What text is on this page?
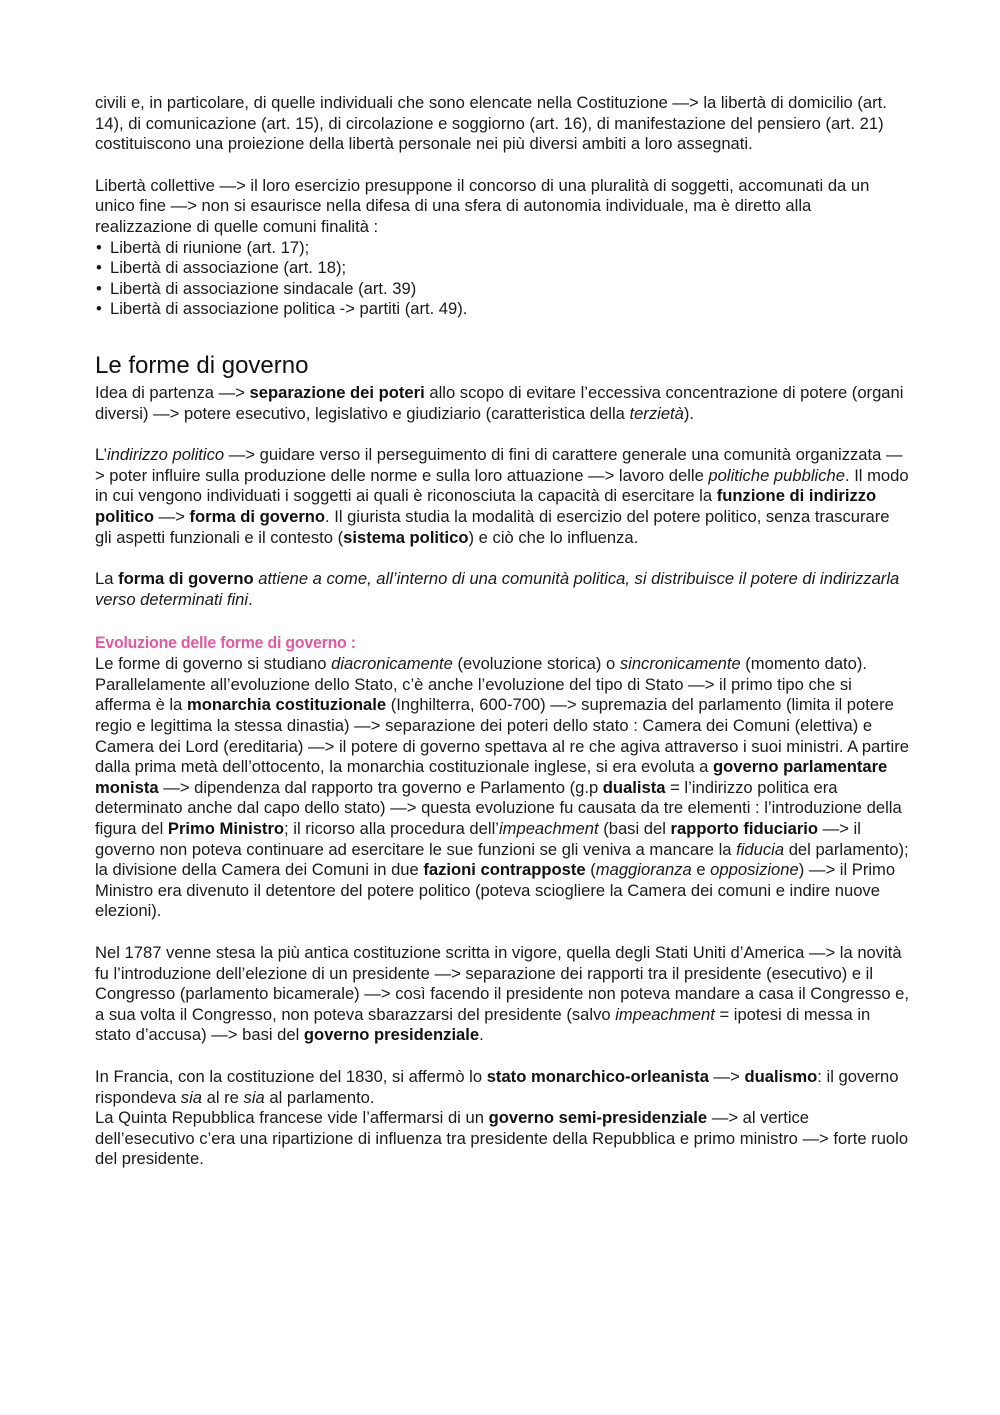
civili e, in particolare, di quelle individuali che sono elencate nella Costituzione —> la libertà di domicilio (art. 14), di comunicazione (art. 15), di circolazione e soggiorno (art. 16), di manifestazione del pensiero (art. 21) costituiscono una proiezione della libertà personale nei più diversi ambiti a loro assegnati.

Libertà collettive —> il loro esercizio presuppone il concorso di una pluralità di soggetti, accomunati da un unico fine —> non si esaurisce nella difesa di una sfera di autonomia individuale, ma è diretto alla realizzazione di quelle comuni finalità :

• Libertà di riunione (art. 17);
• Libertà di associazione (art. 18);
• Libertà di associazione sindacale (art. 39)
• Libertà di associazione politica -> partiti (art. 49).
Le forme di governo

Idea di partenza —> separazione dei poteri allo scopo di evitare l’eccessiva concentrazione di potere (organi diversi) —> potere esecutivo, legislativo e giudiziario (caratteristica della terzietà).

L’indirizzo politico —> guidare verso il perseguimento di fini di carattere generale una comunità organizzata —> poter influire sulla produzione delle norme e sulla loro attuazione —> lavoro delle politiche pubbliche. Il modo in cui vengono individuati i soggetti ai quali è riconosciuta la capacità di esercitare la funzione di indirizzo politico —> forma di governo. Il giurista studia la modalità di esercizio del potere politico, senza trascurare gli aspetti funzionali e il contesto (sistema politico) e ciò che lo influenza.

La forma di governo attiene a come, all’interno di una comunità politica, si distribuisce il potere di indirizzarla verso determinati fini.

Evoluzione delle forme di governo :

Le forme di governo si studiano diacronicamente (evoluzione storica) o sincronicamente (momento dato).

Parallelamente all’evoluzione dello Stato, c’è anche l’evoluzione del tipo di Stato —> il primo tipo che si afferma è la monarchia costituzionale (Inghilterra, 600-700) —> supremazia del parlamento (limita il potere regio e legittima la stessa dinastia) —> separazione dei poteri dello stato : Camera dei Comuni (elettiva) e Camera dei Lord (ereditaria) —> il potere di governo spettava al re che agiva attraverso i suoi ministri. A partire dalla prima metà dell’ottocento, la monarchia costituzionale inglese, si era evoluta a governo parlamentare monista —> dipendenza dal rapporto tra governo e Parlamento (g.p dualista = l’indirizzo politica era determinato anche dal capo dello stato) —> questa evoluzione fu causata da tre elementi : l’introduzione della figura del Primo Ministro; il ricorso alla procedura dell’impeachment (basi del rapporto fiduciario —> il governo non poteva continuare ad esercitare le sue funzioni se gli veniva a mancare la fiducia del parlamento); la divisione della Camera dei Comuni in due fazioni contrapposte (maggioranza e opposizione) —> il Primo Ministro era divenuto il detentore del potere politico (poteva sciogliere la Camera dei comuni e indire nuove elezioni).

Nel 1787 venne stesa la più antica costituzione scritta in vigore, quella degli Stati Uniti d’America —> la novità fu l’introduzione dell’elezione di un presidente —> separazione dei rapporti tra il presidente (esecutivo) e il Congresso (parlamento bicamerale) —> così facendo il presidente non poteva mandare a casa il Congresso e, a sua volta il Congresso, non poteva sbarazzarsi del presidente (salvo impeachment = ipotesi di messa in stato d’accusa) —> basi del governo presidenziale.

In Francia, con la costituzione del 1830, si affermò lo stato monarchico-orleanista —> dualismo: il governo rispondeva sia al re sia al parlamento.

La Quinta Repubblica francese vide l’affermarsi di un governo semi-presidenziale —> al vertice dell’esecutivo c’era una ripartizione di influenza tra presidente della Repubblica e primo ministro —> forte ruolo del presidente.
